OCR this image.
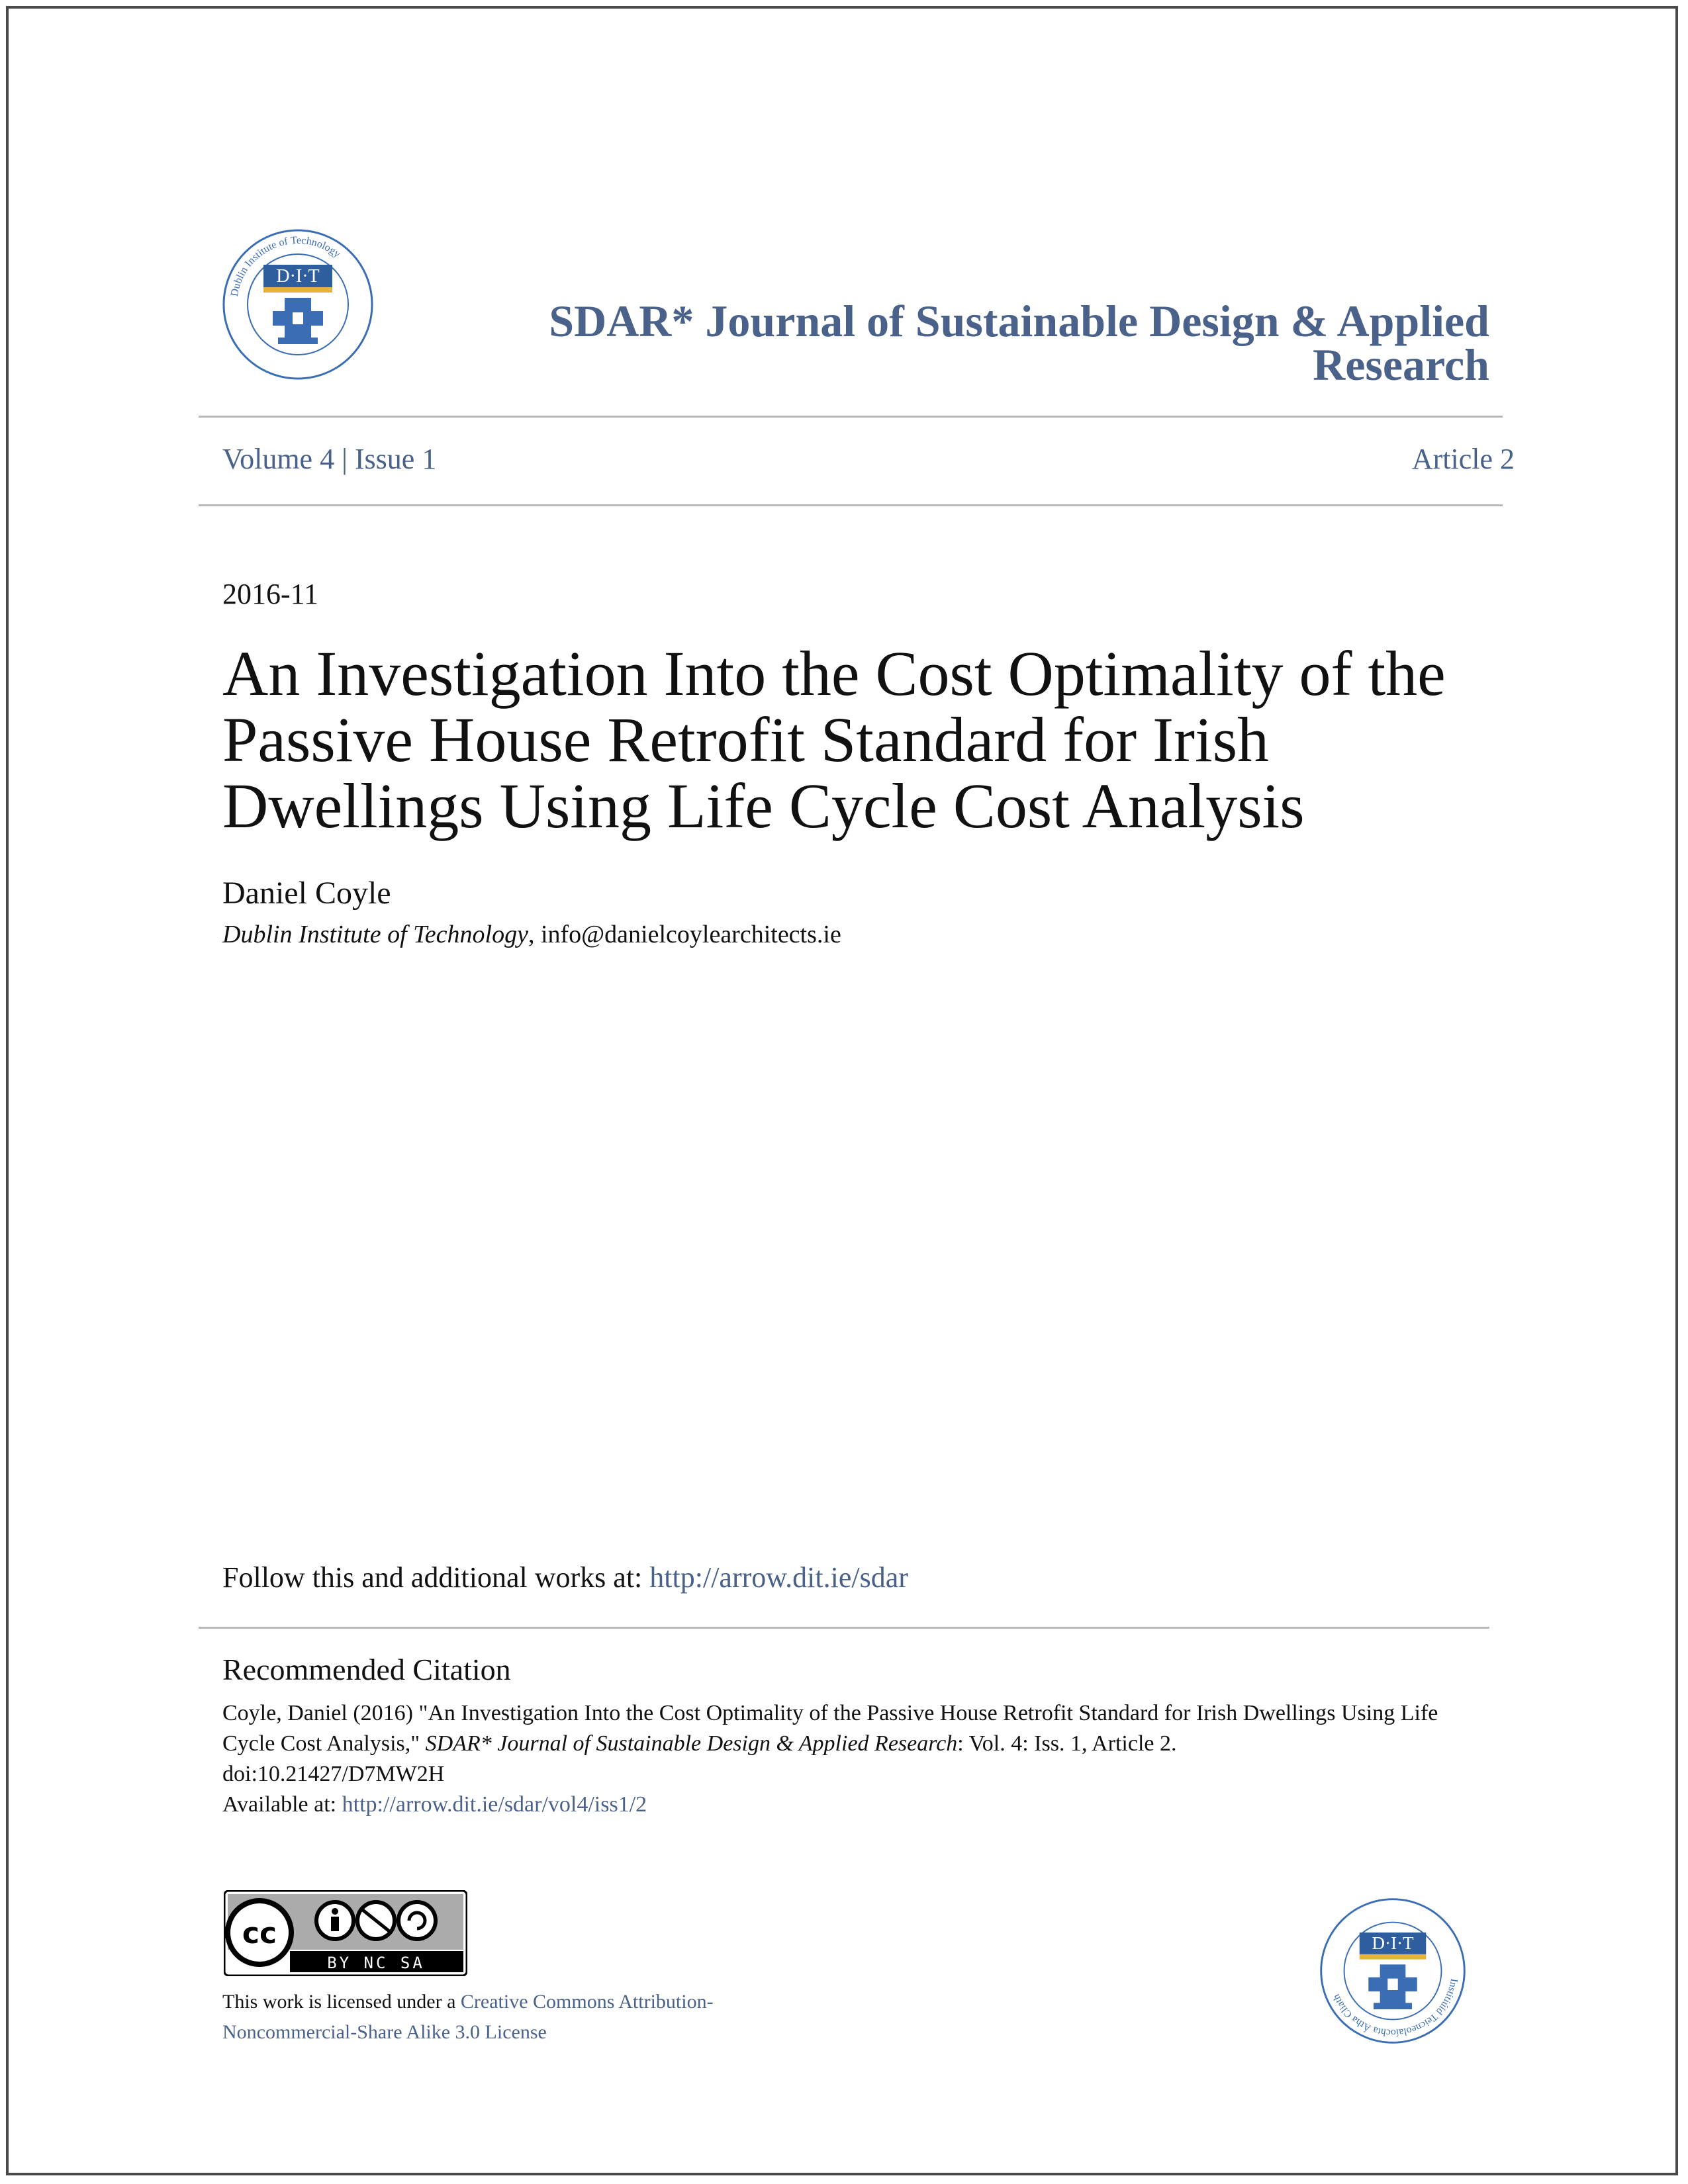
Dublin Institute of Technology
D·I·T
SDAR* Journal of Sustainable Design & Applied Research
Volume 4 | Issue 1	Article 2
2016-11
An Investigation Into the Cost Optimality of the Passive House Retrofit Standard for Irish Dwellings Using Life Cycle Cost Analysis
Daniel Coyle
Dublin Institute of Technology, info@danielcoylearchitects.ie
Follow this and additional works at: http://arrow.dit.ie/sdar
Recommended Citation
Coyle, Daniel (2016) "An Investigation Into the Cost Optimality of the Passive House Retrofit Standard for Irish Dwellings Using Life Cycle Cost Analysis," SDAR* Journal of Sustainable Design & Applied Research: Vol. 4: Iss. 1, Article 2.
doi:10.21427/D7MW2H
Available at: http://arrow.dit.ie/sdar/vol4/iss1/2
cc
BY NC SA
This work is licensed under a Creative Commons Attribution-Noncommercial-Share Alike 3.0 License
Institiúid Teicneolaíochta Átha Cliath
D·I·T
